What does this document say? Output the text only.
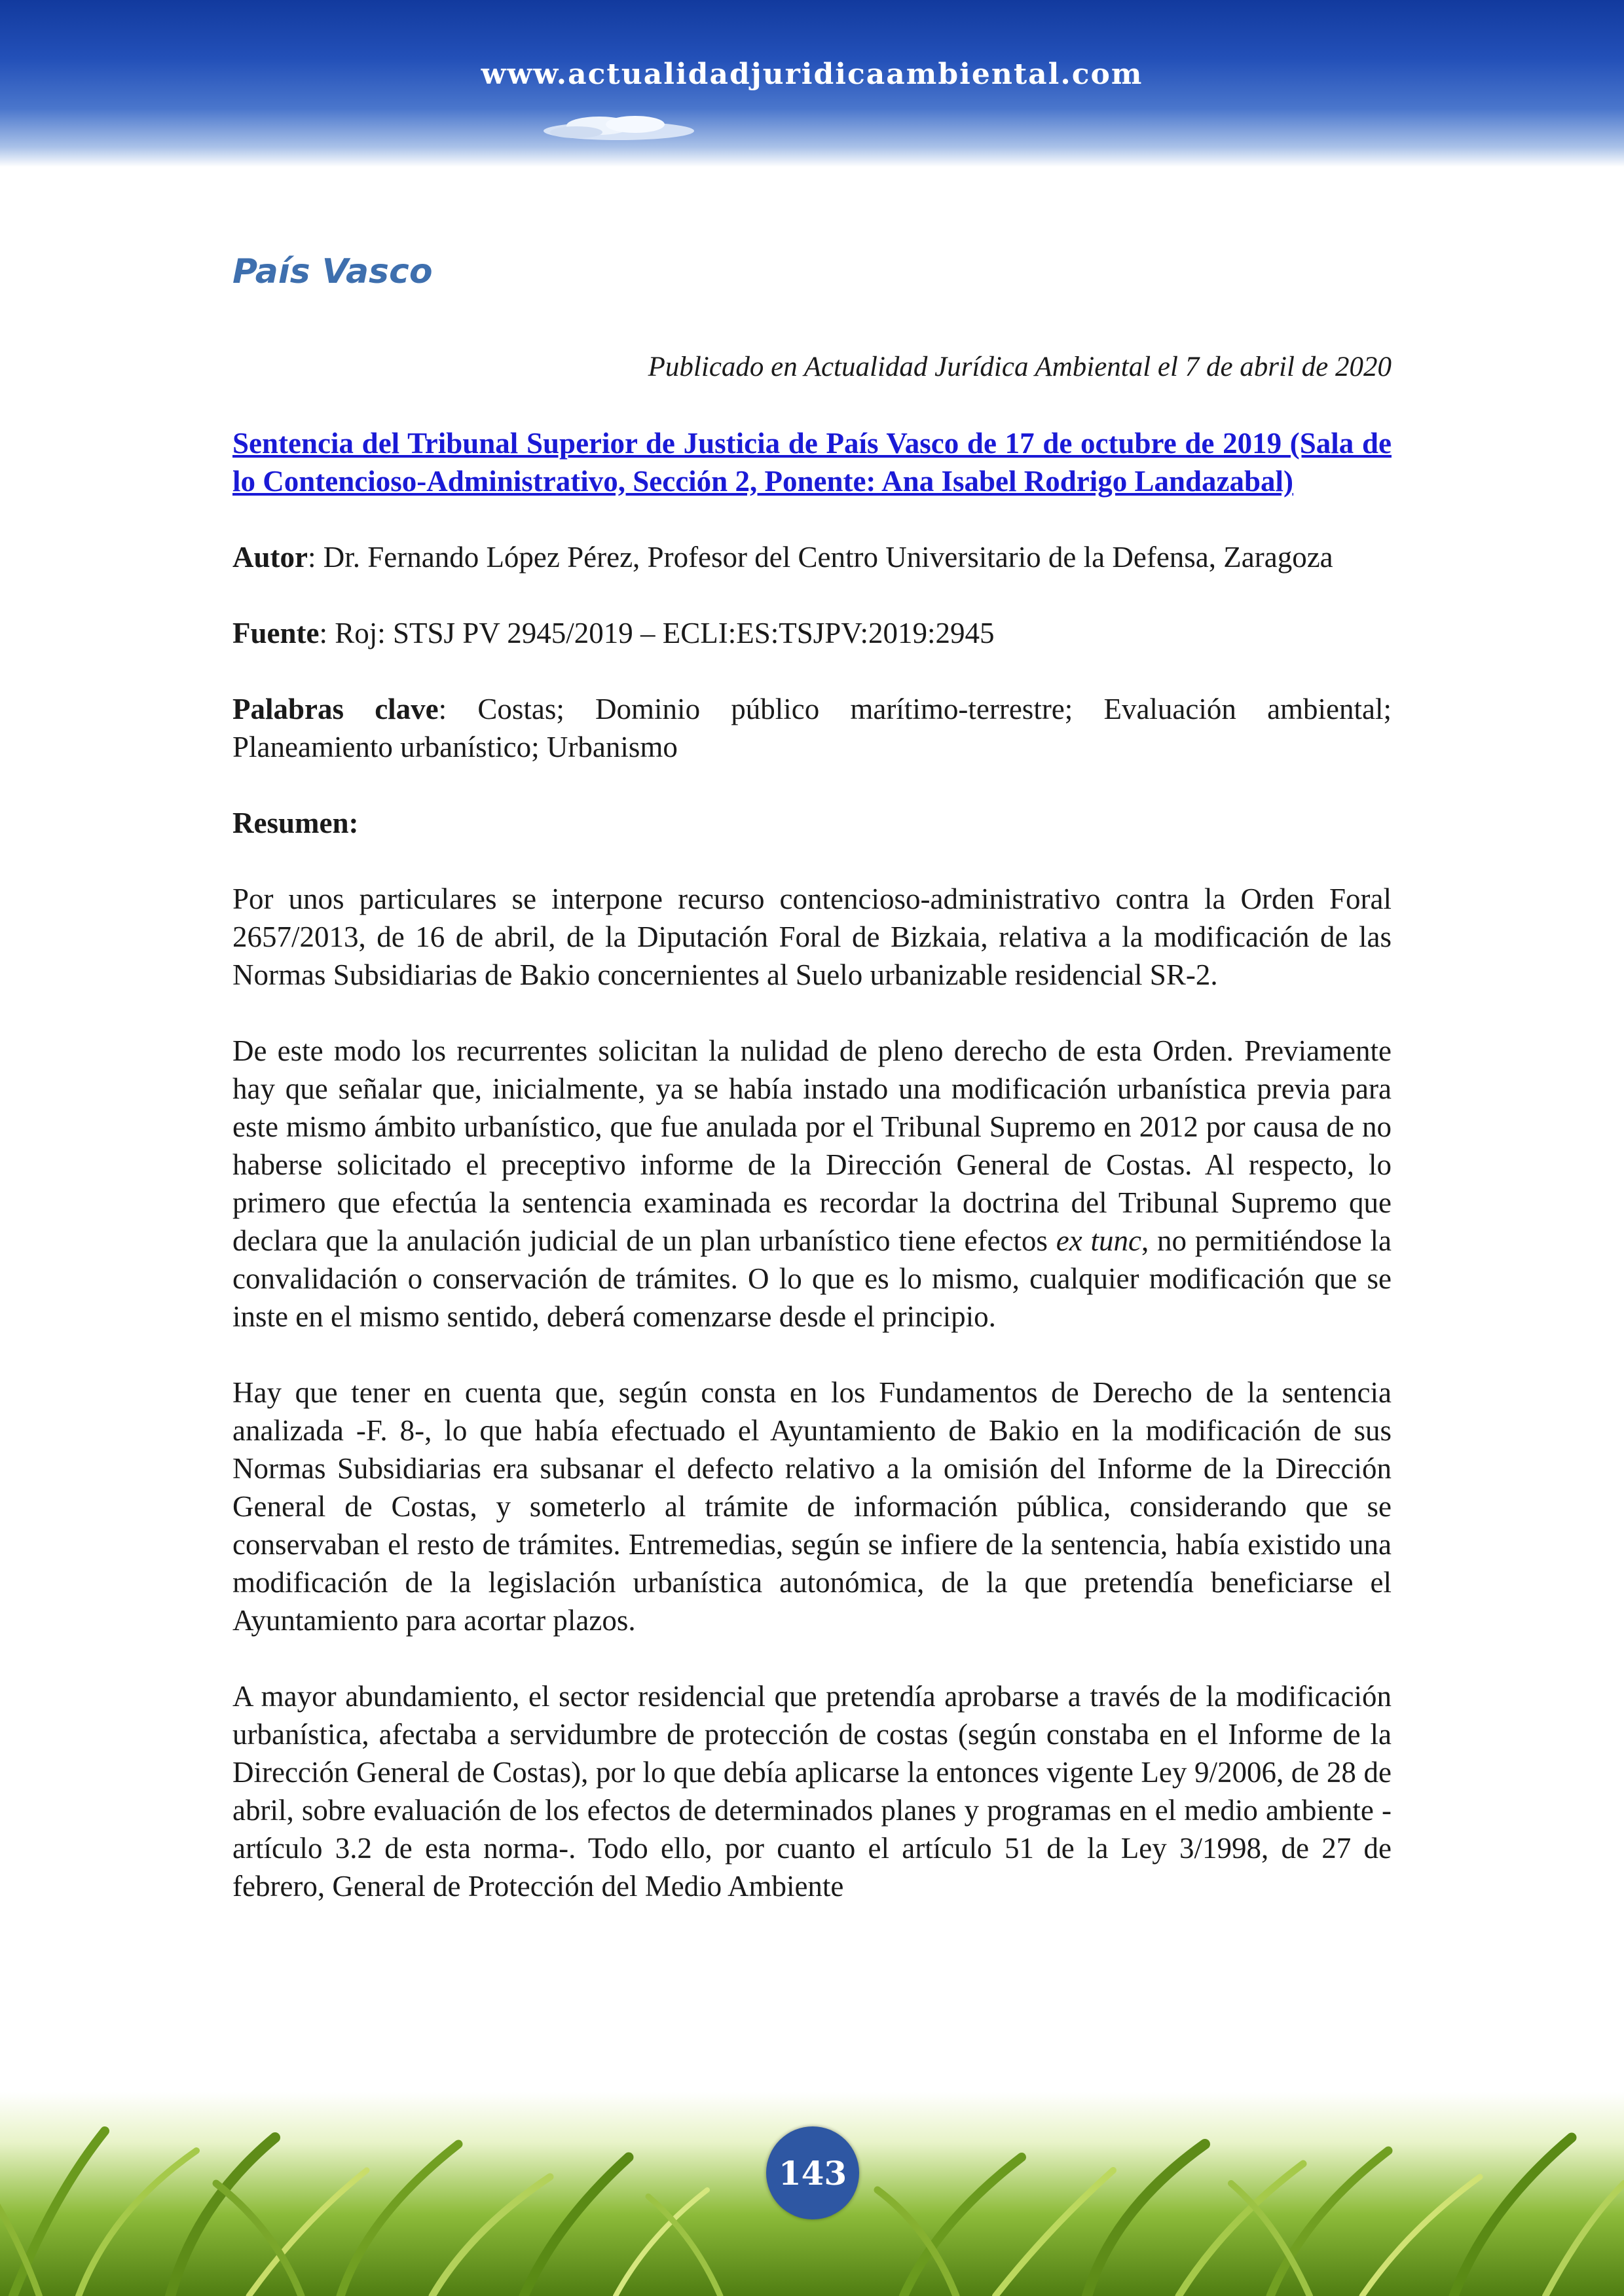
www.actualidadjuridicaambiental.com
País Vasco
Publicado en Actualidad Jurídica Ambiental el 7 de abril de 2020
Sentencia del Tribunal Superior de Justicia de País Vasco de 17 de octubre de 2019 (Sala de lo Contencioso-Administrativo, Sección 2, Ponente: Ana Isabel Rodrigo Landazabal)

Autor: Dr. Fernando López Pérez, Profesor del Centro Universitario de la Defensa, Zaragoza

Fuente: Roj: STSJ PV 2945/2019 – ECLI:ES:TSJPV:2019:2945

Palabras clave: Costas; Dominio público marítimo-terrestre; Evaluación ambiental; Planeamiento urbanístico; Urbanismo

Resumen:

Por unos particulares se interpone recurso contencioso-administrativo contra la Orden Foral 2657/2013, de 16 de abril, de la Diputación Foral de Bizkaia, relativa a la modificación de las Normas Subsidiarias de Bakio concernientes al Suelo urbanizable residencial SR-2.

De este modo los recurrentes solicitan la nulidad de pleno derecho de esta Orden. Previamente hay que señalar que, inicialmente, ya se había instado una modificación urbanística previa para este mismo ámbito urbanístico, que fue anulada por el Tribunal Supremo en 2012 por causa de no haberse solicitado el preceptivo informe de la Dirección General de Costas. Al respecto, lo primero que efectúa la sentencia examinada es recordar la doctrina del Tribunal Supremo que declara que la anulación judicial de un plan urbanístico tiene efectos ex tunc, no permitiéndose la convalidación o conservación de trámites. O lo que es lo mismo, cualquier modificación que se inste en el mismo sentido, deberá comenzarse desde el principio.

Hay que tener en cuenta que, según consta en los Fundamentos de Derecho de la sentencia analizada -F. 8-, lo que había efectuado el Ayuntamiento de Bakio en la modificación de sus Normas Subsidiarias era subsanar el defecto relativo a la omisión del Informe de la Dirección General de Costas, y someterlo al trámite de información pública, considerando que se conservaban el resto de trámites. Entremedias, según se infiere de la sentencia, había existido una modificación de la legislación urbanística autonómica, de la que pretendía beneficiarse el Ayuntamiento para acortar plazos.

A mayor abundamiento, el sector residencial que pretendía aprobarse a través de la modificación urbanística, afectaba a servidumbre de protección de costas (según constaba en el Informe de la Dirección General de Costas), por lo que debía aplicarse la entonces vigente Ley 9/2006, de 28 de abril, sobre evaluación de los efectos de determinados planes y programas en el medio ambiente -artículo 3.2 de esta norma-. Todo ello, por cuanto el artículo 51 de la Ley 3/1998, de 27 de febrero, General de Protección del Medio Ambiente

143
